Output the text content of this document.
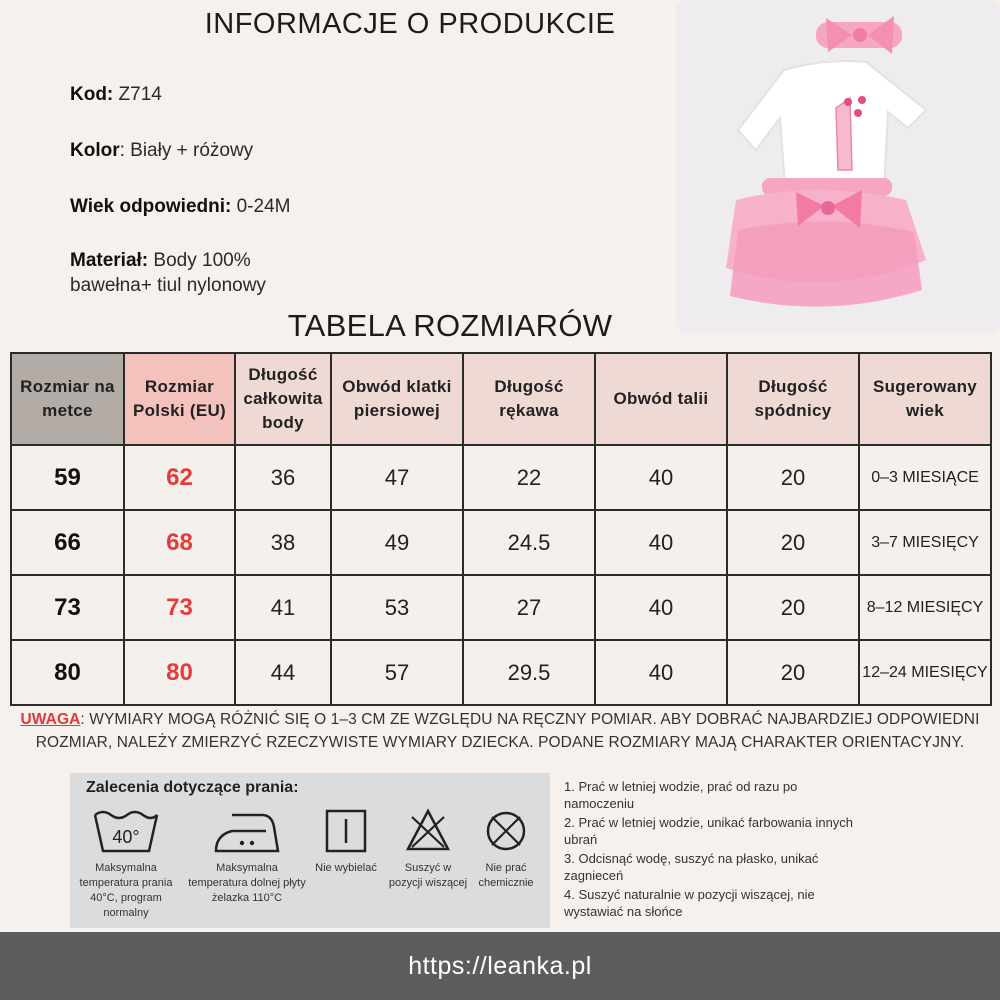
INFORMACJE O PRODUKCIE
Kod: Z714
Kolor: Biały + różowy
Wiek odpowiedni: 0-24M
Materiał: Body 100% bawełna+ tiul nylonowy
TABELA ROZMIARÓW
Rozmiar na metce	Rozmiar Polski (EU)	Długość całkowita body	Obwód klatki piersiowej	Długość rękawa	Obwód talii	Długość spódnicy	Sugerowany wiek
59	62	36	47	22	40	20	0–3 MIESIĄCE
66	68	38	49	24.5	40	20	3–7 MIESIĘCY
73	73	41	53	27	40	20	8–12 MIESIĘCY
80	80	44	57	29.5	40	20	12–24 MIESIĘCY
UWAGA: WYMIARY MOGĄ RÓŻNIĆ SIĘ O 1–3 CM ZE WZGLĘDU NA RĘCZNY POMIAR. ABY DOBRAĆ NAJBARDZIEJ ODPOWIEDNI ROZMIAR, NALEŻY ZMIERZYĆ RZECZYWISTE WYMIARY DZIECKA. PODANE ROZMIARY MAJĄ CHARAKTER ORIENTACYJNY.
Zalecenia dotyczące prania:
40°
Maksymalna temperatura prania 40°C, program normalny
Maksymalna temperatura dolnej płyty żelazka 110°C
Nie wybielać	Suszyć w pozycji wiszącej
Nie prać chemicznie

1. Prać w letniej wodzie, prać od razu po namoczeniu

2. Prać w letniej wodzie, unikać farbowania innych ubrań

3. Odcisnąć wodę, suszyć na płasko, unikać zagnieceń

4. Suszyć naturalnie w pozycji wiszącej, nie wystawiać na słońce

https://leanka.pl
